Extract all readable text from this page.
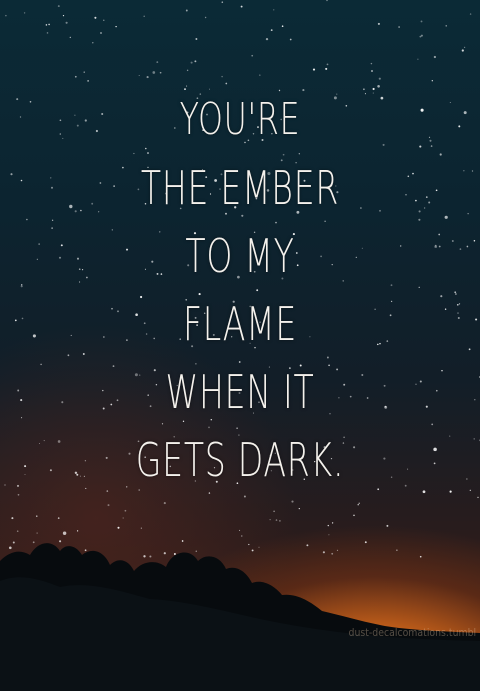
YOU'RE
THE EMBER
TO MY
FLAME
WHEN IT
GETS DARK.
dust-decalcomations.tumbl
